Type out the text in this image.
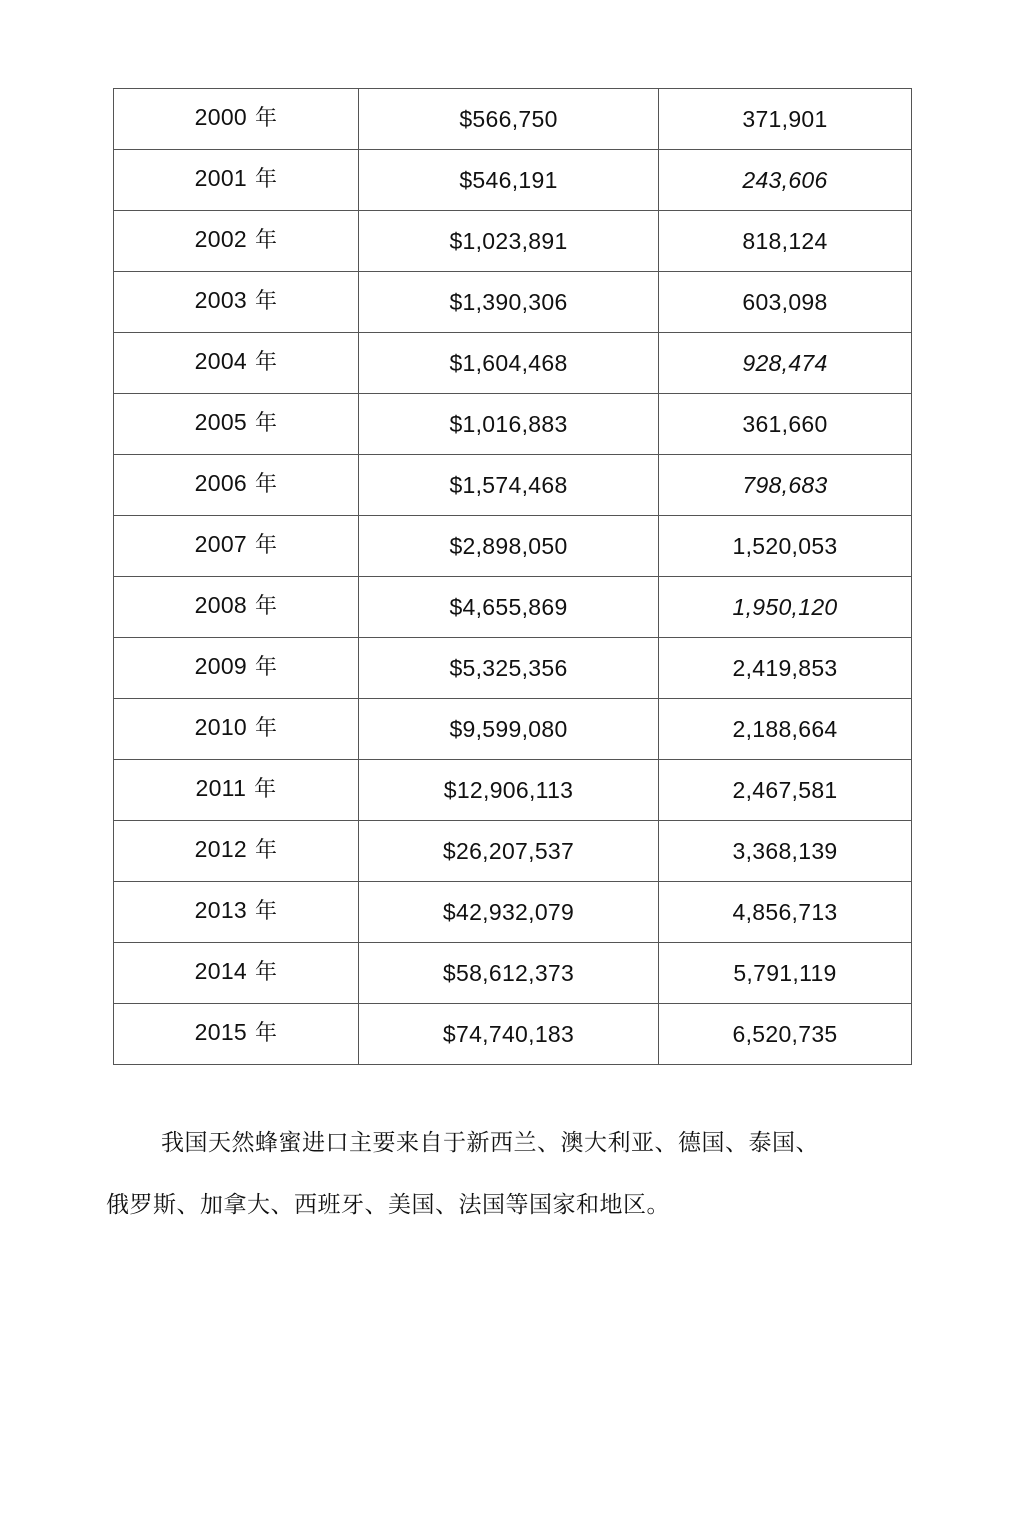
2000 年	$566,750	371,901
2001 年	$546,191	243,606
2002 年	$1,023,891	818,124
2003 年	$1,390,306	603,098
2004 年	$1,604,468	928,474
2005 年	$1,016,883	361,660
2006 年	$1,574,468	798,683
2007 年	$2,898,050	1,520,053
2008 年	$4,655,869	1,950,120
2009 年	$5,325,356	2,419,853
2010 年	$9,599,080	2,188,664
2011 年	$12,906,113	2,467,581
2012 年	$26,207,537	3,368,139
2013 年	$42,932,079	4,856,713
2014 年	$58,612,373	5,791,119
2015 年	$74,740,183	6,520,735

我国天然蜂蜜进口主要来自于新西兰、澳大利亚、德国、泰国、

俄罗斯、加拿大、西班牙、美国、法国等国家和地区。
